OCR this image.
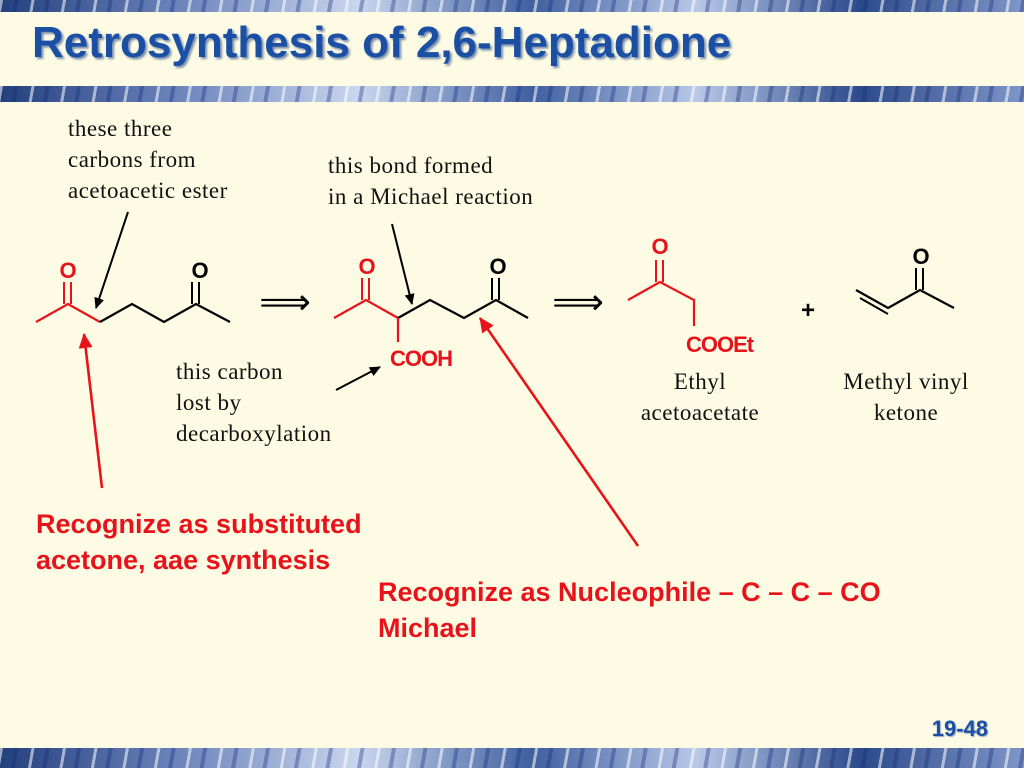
Retrosynthesis of 2,6-Heptadione

these three
carbons from
acetoacetic ester

this bond formed
in a Michael reaction

this carbon
lost by
decarboxylation

O	O
⟹
O	O
COOH
⟹
O
COOEt
+
O

Ethyl
acetoacetate

Methyl vinyl
ketone

Recognize as substituted
acetone, aae synthesis

Recognize as Nucleophile – C – C – CO
Michael

19-48
